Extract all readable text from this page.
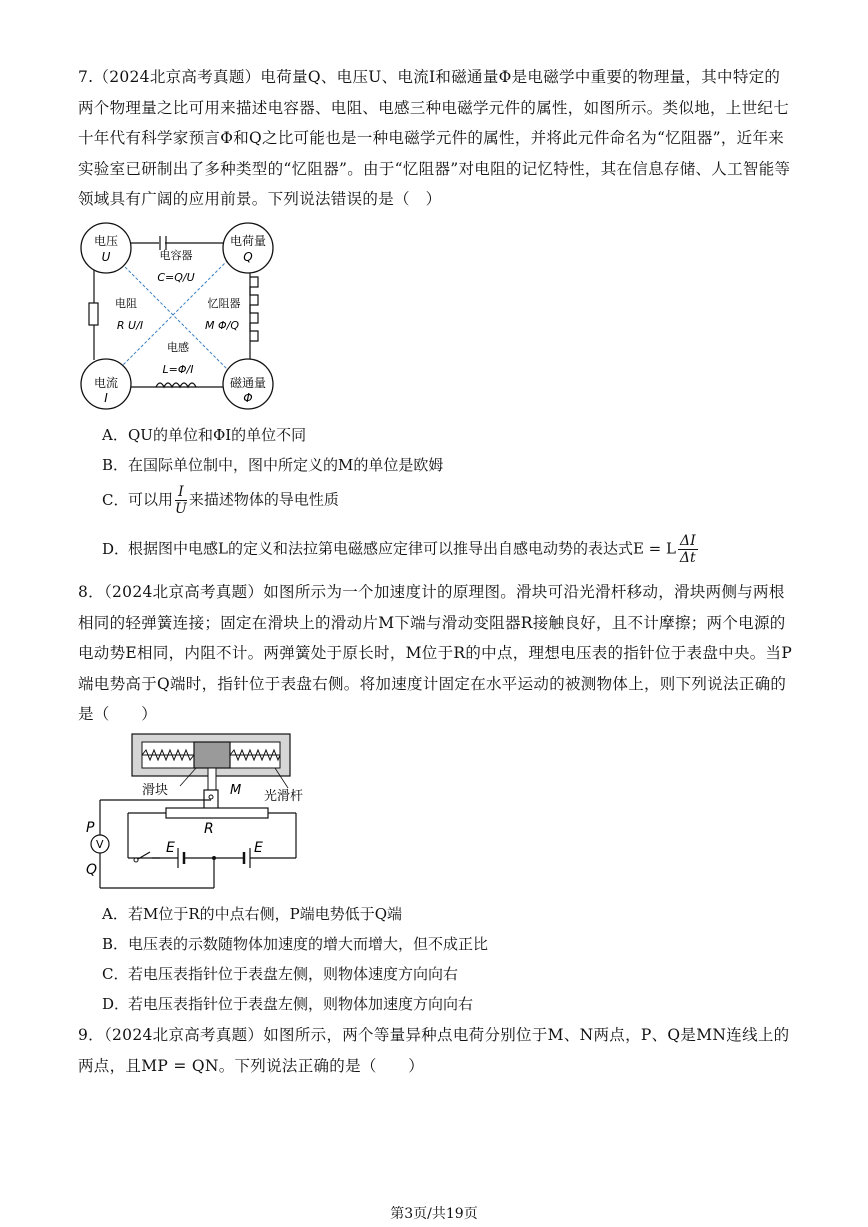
7.（2024北京高考真题）电荷量Q、电压U、电流I和磁通量Φ是电磁学中重要的物理量，其中特定的两个物理量之比可用来描述电容器、电阻、电感三种电磁学元件的属性，如图所示。类似地，上世纪七十年代有科学家预言Φ和Q之比可能也是一种电磁学元件的属性，并将此元件命名为“忆阻器”，近年来实验室已研制出了多种类型的“忆阻器”。由于“忆阻器”对电阻的记忆特性，其在信息存储、人工智能等领域具有广阔的应用前景。下列说法错误的是（　）
电压
U
电荷量
Q
电流
I
磁通量
Φ
电容器
C=Q/U
电阻
R U/I
忆阻器
M Φ/Q
电感
L=Φ/I
A．QU的单位和ΦI的单位不同
B．在国际单位制中，图中所定义的M的单位是欧姆
C．可以用 $\frac{I}{U}$ 来描述物体的导电性质
D．根据图中电感L的定义和法拉第电磁感应定律可以推导出自感电动势的表达式E = L $\frac{\Delta I}{\Delta t}$
8．（2024北京高考真题）如图所示为一个加速度计的原理图。滑块可沿光滑杆移动，滑块两侧与两根相同的轻弹簧连接；固定在滑块上的滑动片M下端与滑动变阻器R接触良好，且不计摩擦；两个电源的电动势E相同，内阻不计。两弹簧处于原长时，M位于R的中点，理想电压表的指针位于表盘中央。当P端电势高于Q端时，指针位于表盘右侧。将加速度计固定在水平运动的被测物体上，则下列说法正确的是（　　）
滑块	M 光滑杆
R
V
P
Q
E	E
A．若M位于R的中点右侧，P端电势低于Q端
B．电压表的示数随物体加速度的增大而增大，但不成正比
C．若电压表指针位于表盘左侧，则物体速度方向向右
D．若电压表指针位于表盘左侧，则物体加速度方向向右
9．（2024北京高考真题）如图所示，两个等量异种点电荷分别位于M、N两点，P、Q是MN连线上的两点，且MP = QN。下列说法正确的是（　　）
第3页/共19页
